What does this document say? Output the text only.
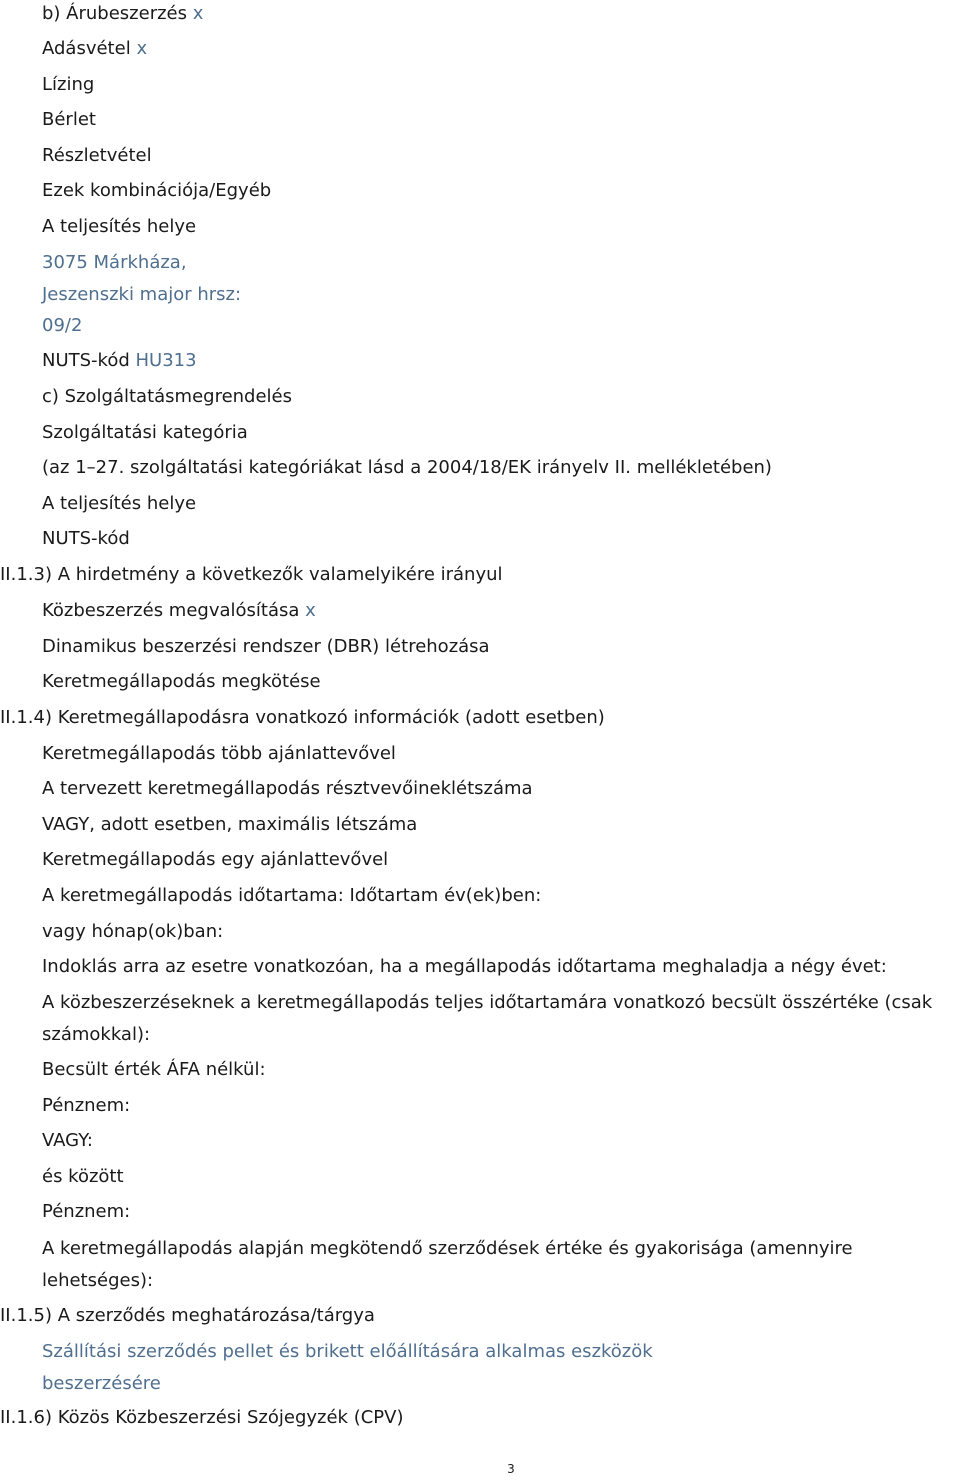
b) Árubeszerzés x
Adásvétel x
Lízing
Bérlet
Részletvétel
Ezek kombinációja/Egyéb
A teljesítés helye
3075 Márkháza,
Jeszenszki major hrsz:
09/2
NUTS-kód HU313
c) Szolgáltatásmegrendelés
Szolgáltatási kategória
(az 1–27. szolgáltatási kategóriákat lásd a 2004/18/EK irányelv II. mellékletében)
A teljesítés helye
NUTS-kód
II.1.3) A hirdetmény a következők valamelyikére irányul
Közbeszerzés megvalósítása x
Dinamikus beszerzési rendszer (DBR) létrehozása
Keretmegállapodás megkötése
II.1.4) Keretmegállapodásra vonatkozó információk (adott esetben)
Keretmegállapodás több ajánlattevővel
A tervezett keretmegállapodás résztvevőineklétszáma
VAGY, adott esetben, maximális létszáma
Keretmegállapodás egy ajánlattevővel
A keretmegállapodás időtartama: Időtartam év(ek)ben:
vagy hónap(ok)ban:
Indoklás arra az esetre vonatkozóan, ha a megállapodás időtartama meghaladja a négy évet:
A közbeszerzéseknek a keretmegállapodás teljes időtartamára vonatkozó becsült összértéke (csak számokkal):
Becsült érték ÁFA nélkül:
Pénznem:
VAGY:
és között
Pénznem:
A keretmegállapodás alapján megkötendő szerződések értéke és gyakorisága (amennyire lehetséges):
II.1.5) A szerződés meghatározása/tárgya
Szállítási szerződés pellet és brikett előállítására alkalmas eszközök beszerzésére
II.1.6) Közös Közbeszerzési Szójegyzék (CPV)
3
